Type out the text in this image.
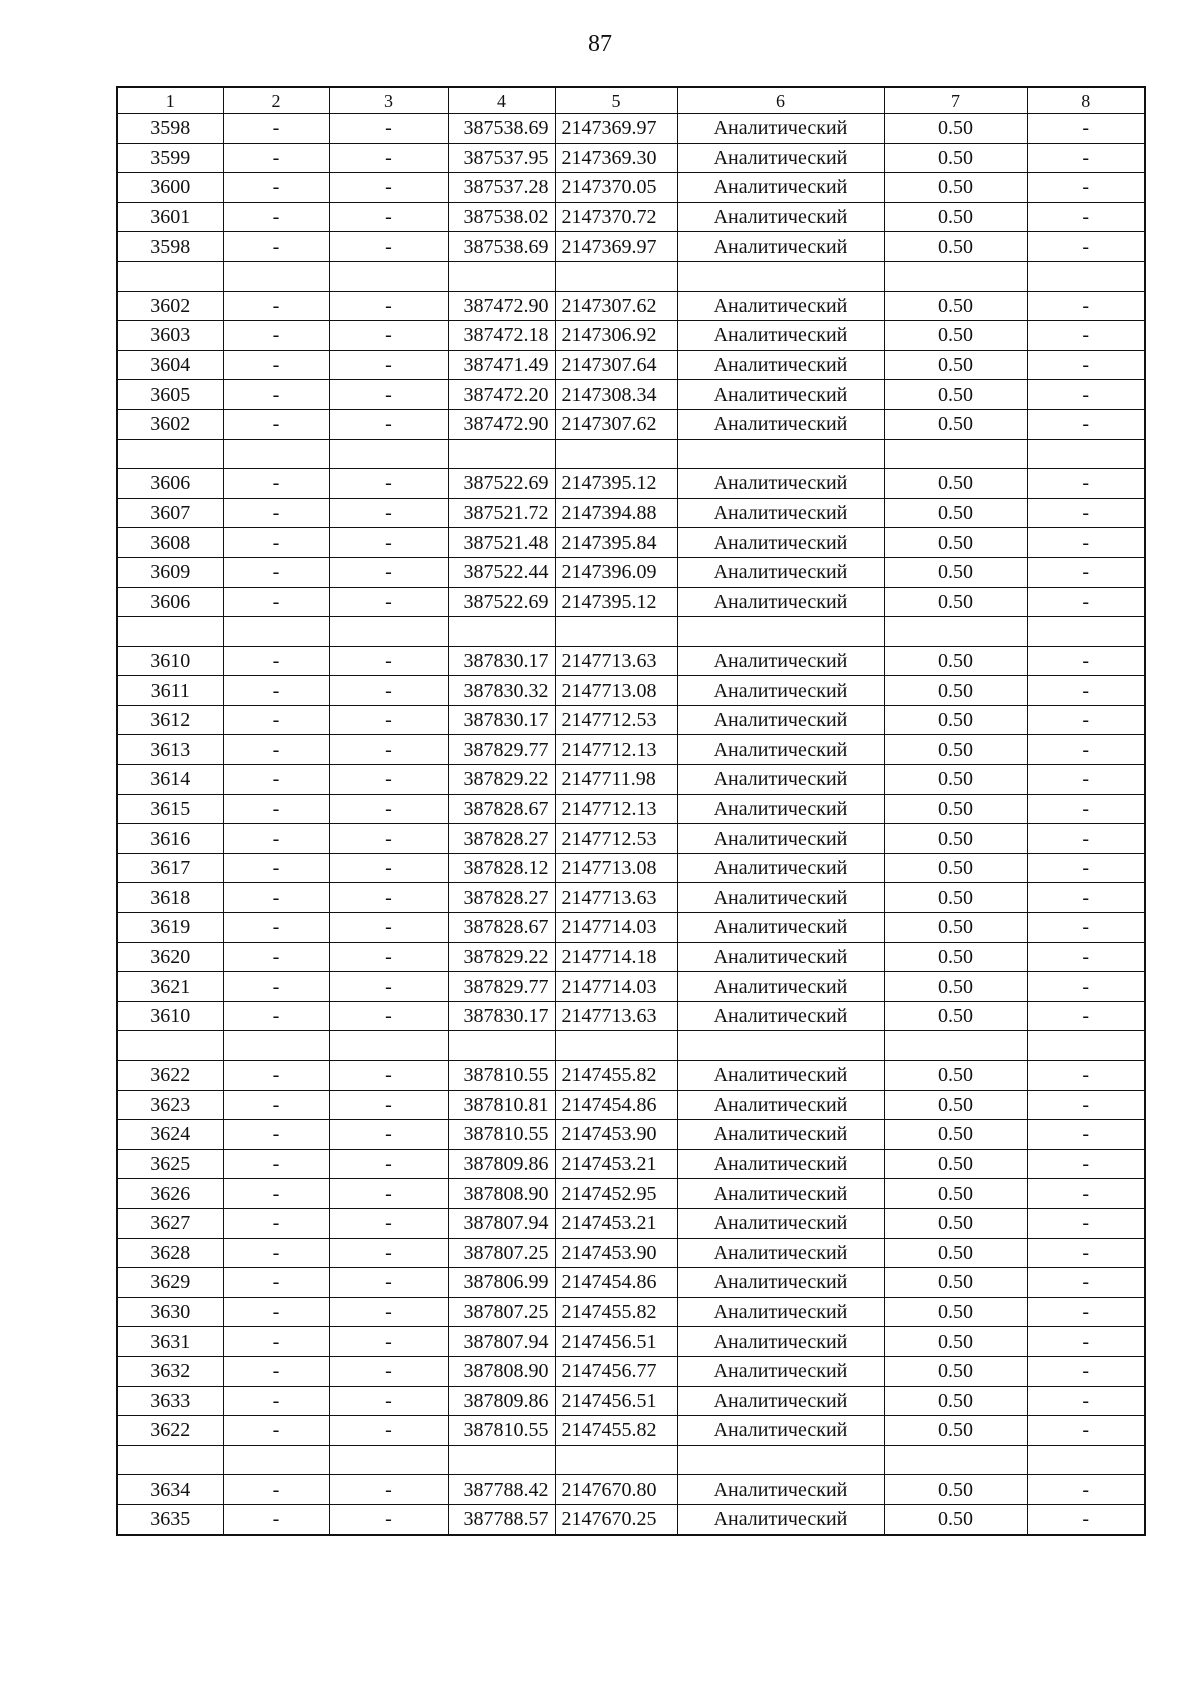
87
1	2	3	4	5	6	7	8
3598	-	-	387538.69	2147369.97	Аналитический	0.50	-
3599	-	-	387537.95	2147369.30	Аналитический	0.50	-
3600	-	-	387537.28	2147370.05	Аналитический	0.50	-
3601	-	-	387538.02	2147370.72	Аналитический	0.50	-
3598	-	-	387538.69	2147369.97	Аналитический	0.50	-

3602	-	-	387472.90	2147307.62	Аналитический	0.50	-
3603	-	-	387472.18	2147306.92	Аналитический	0.50	-
3604	-	-	387471.49	2147307.64	Аналитический	0.50	-
3605	-	-	387472.20	2147308.34	Аналитический	0.50	-
3602	-	-	387472.90	2147307.62	Аналитический	0.50	-

3606	-	-	387522.69	2147395.12	Аналитический	0.50	-
3607	-	-	387521.72	2147394.88	Аналитический	0.50	-
3608	-	-	387521.48	2147395.84	Аналитический	0.50	-
3609	-	-	387522.44	2147396.09	Аналитический	0.50	-
3606	-	-	387522.69	2147395.12	Аналитический	0.50	-

3610	-	-	387830.17	2147713.63	Аналитический	0.50	-
3611	-	-	387830.32	2147713.08	Аналитический	0.50	-
3612	-	-	387830.17	2147712.53	Аналитический	0.50	-
3613	-	-	387829.77	2147712.13	Аналитический	0.50	-
3614	-	-	387829.22	2147711.98	Аналитический	0.50	-
3615	-	-	387828.67	2147712.13	Аналитический	0.50	-
3616	-	-	387828.27	2147712.53	Аналитический	0.50	-
3617	-	-	387828.12	2147713.08	Аналитический	0.50	-
3618	-	-	387828.27	2147713.63	Аналитический	0.50	-
3619	-	-	387828.67	2147714.03	Аналитический	0.50	-
3620	-	-	387829.22	2147714.18	Аналитический	0.50	-
3621	-	-	387829.77	2147714.03	Аналитический	0.50	-
3610	-	-	387830.17	2147713.63	Аналитический	0.50	-

3622	-	-	387810.55	2147455.82	Аналитический	0.50	-
3623	-	-	387810.81	2147454.86	Аналитический	0.50	-
3624	-	-	387810.55	2147453.90	Аналитический	0.50	-
3625	-	-	387809.86	2147453.21	Аналитический	0.50	-
3626	-	-	387808.90	2147452.95	Аналитический	0.50	-
3627	-	-	387807.94	2147453.21	Аналитический	0.50	-
3628	-	-	387807.25	2147453.90	Аналитический	0.50	-
3629	-	-	387806.99	2147454.86	Аналитический	0.50	-
3630	-	-	387807.25	2147455.82	Аналитический	0.50	-
3631	-	-	387807.94	2147456.51	Аналитический	0.50	-
3632	-	-	387808.90	2147456.77	Аналитический	0.50	-
3633	-	-	387809.86	2147456.51	Аналитический	0.50	-
3622	-	-	387810.55	2147455.82	Аналитический	0.50	-

3634	-	-	387788.42	2147670.80	Аналитический	0.50	-
3635	-	-	387788.57	2147670.25	Аналитический	0.50	-
